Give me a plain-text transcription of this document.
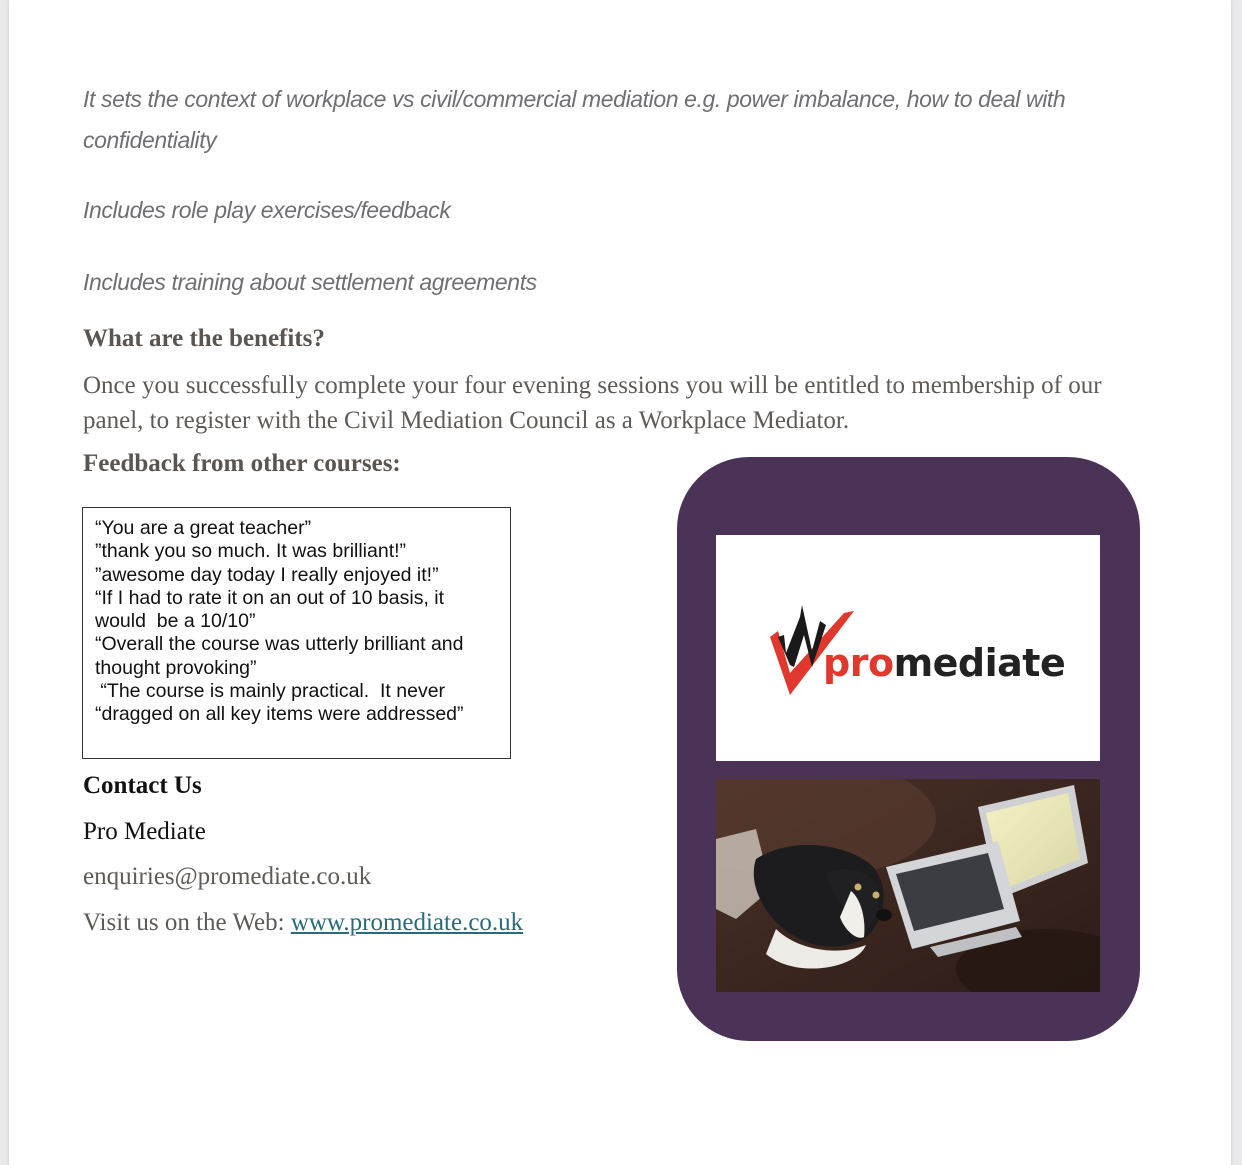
It sets the context of workplace vs civil/commercial mediation e.g. power imbalance, how to deal with

confidentiality

Includes role play exercises/feedback

Includes training about settlement agreements

What are the benefits?

Once you successfully complete your four evening sessions you will be entitled to membership of our panel, to register with the Civil Mediation Council as a Workplace Mediator.

Feedback from other courses:
“You are a great teacher”
”thank you so much. It was brilliant!”
”awesome day today I really enjoyed it!”
“If I had to rate it on an out of 10 basis, it
would  be a 10/10”
“Overall the course was utterly brilliant and
thought provoking”
“The course is mainly practical.  It never
“dragged on all key items were addressed”
Contact Us

Pro Mediate

enquiries@promediate.co.uk

Visit us on the Web: www.promediate.co.uk

promediate
